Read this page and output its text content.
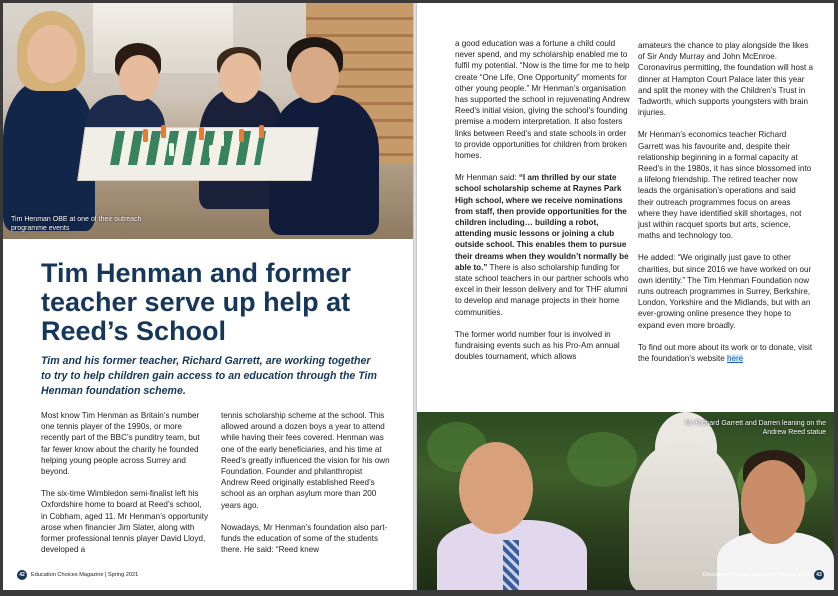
Tim Henman OBE at one of their outreach programme events
Tim Henman and former teacher serve up help at Reed’s School

Tim and his former teacher, Richard Garrett, are working together to try to help children gain access to an education through the Tim Henman foundation scheme.

Most know Tim Henman as Britain’s number one tennis player of the 1990s, or more recently part of the BBC’s punditry team, but far fewer know about the charity he founded helping young people across Surrey and beyond.

The six-time Wimbledon semi-finalist left his Oxfordshire home to board at Reed’s school, in Cobham, aged 11. Mr Henman’s opportunity arose when financier Jim Slater, along with former professional tennis player David Lloyd, developed a

tennis scholarship scheme at the school. This allowed around a dozen boys a year to attend while having their fees covered. Henman was one of the early beneficiaries, and his time at Reed’s greatly influenced the vision for his own Foundation. Founder and philanthropist Andrew Reed originally established Reed’s school as an orphan asylum more than 200 years ago.

Nowadays, Mr Henman’s foundation also part-funds the education of some of the students there. He said: “Reed knew

42	Education Choices Magazine | Spring 2021

a good education was a fortune a child could never spend, and my scholarship enabled me to fulfil my potential. “Now is the time for me to help create “One Life, One Opportunity” moments for other young people.” Mr Henman’s organisation has supported the school in rejuvenating Andrew Reed’s initial vision, giving the school’s founding premise a modern interpretation. It also fosters links between Reed’s and state schools in order to provide opportunities for children from broken homes.

Mr Henman said: “I am thrilled by our state school scholarship scheme at Raynes Park High school, where we receive nominations from staff, then provide opportunities for the children including… building a robot, attending music lessons or joining a club outside school. This enables them to pursue their dreams when they wouldn’t normally be able to.” There is also scholarship funding for state school teachers in our partner schools who excel in their lesson delivery and for THF alumni to develop and manage projects in their home communities.

The former world number four is involved in fundraising events such as his Pro-Am annual doubles tournament, which allows

amateurs the chance to play alongside the likes of Sir Andy Murray and John McEnroe. Coronavirus permitting, the foundation will host a dinner at Hampton Court Palace later this year and split the money with the Children’s Trust in Tadworth, which supports youngsters with brain injuries.

Mr Henman’s economics teacher Richard Garrett was his favourite and, despite their relationship beginning in a formal capacity at Reed’s in the 1980s, it has since blossomed into a lifelong friendship. The retired teacher now leads the organisation’s operations and said their outreach programmes focus on areas where they have identified skill shortages, not just within racquet sports but arts, science, maths and technology too.

He added: “We originally just gave to other charities, but since 2016 we have worked on our own identity.” The Tim Henman Foundation now runs outreach programmes in Surrey, Berkshire, London, Yorkshire and the Midlands, but with an ever-growing online presence they hope to expand even more broadly.

To find out more about its work or to donate, visit the foundation’s website here

Mr Richard Garrett and Darren leaning on the Andrew Reed statue
Education Choices Magazine | Spring 2021	43
